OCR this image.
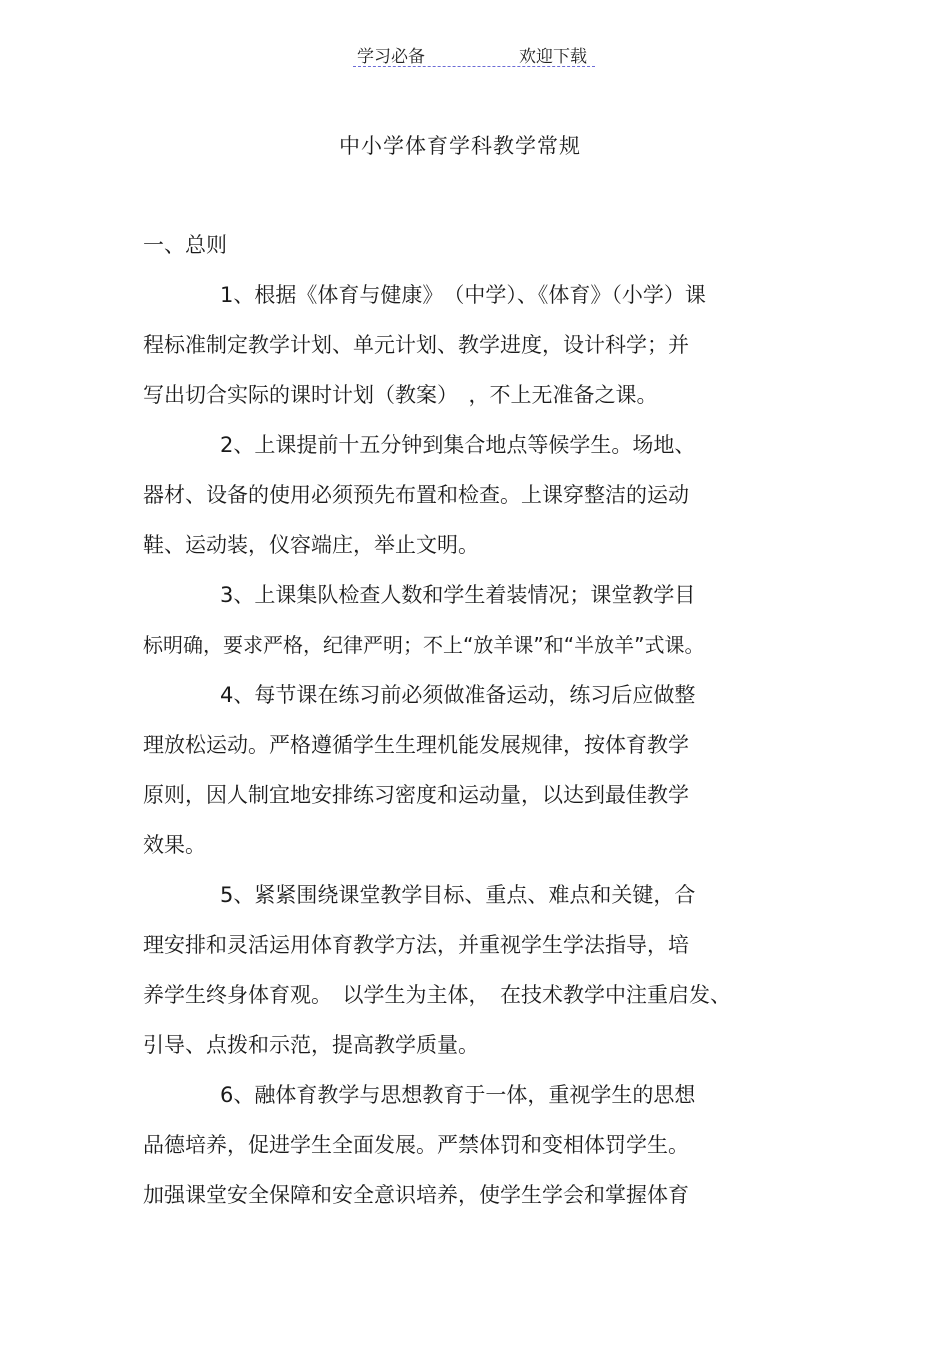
学习必备	欢迎下载
中小学体育学科教学常规
一、总则
1、根据《体育与健康》　（中学）、《体育》（小学）课
程标准制定教学计划、单元计划、教学进度，设计科学；并
写出切合实际的课时计划（教案）　，不上无准备之课。
2、上课提前十五分钟到集合地点等候学生。场地、
器材、设备的使用必须预先布置和检查。上课穿整洁的运动
鞋、运动装，仪容端庄，举止文明。
3、上课集队检查人数和学生着装情况；课堂教学目
标明确，要求严格，纪律严明；不上“放羊课”和“半放羊”式课。
4、每节课在练习前必须做准备运动，练习后应做整
理放松运动。严格遵循学生生理机能发展规律，按体育教学
原则，因人制宜地安排练习密度和运动量，以达到最佳教学
效果。
5、紧紧围绕课堂教学目标、重点、难点和关键，合
理安排和灵活运用体育教学方法，并重视学生学法指导，培
养学生终身体育观。　以学生为主体，　在技术教学中注重启发、
引导、点拨和示范，提高教学质量。
6、融体育教学与思想教育于一体，重视学生的思想
品德培养，促进学生全面发展。严禁体罚和变相体罚学生。
加强课堂安全保障和安全意识培养，使学生学会和掌握体育
